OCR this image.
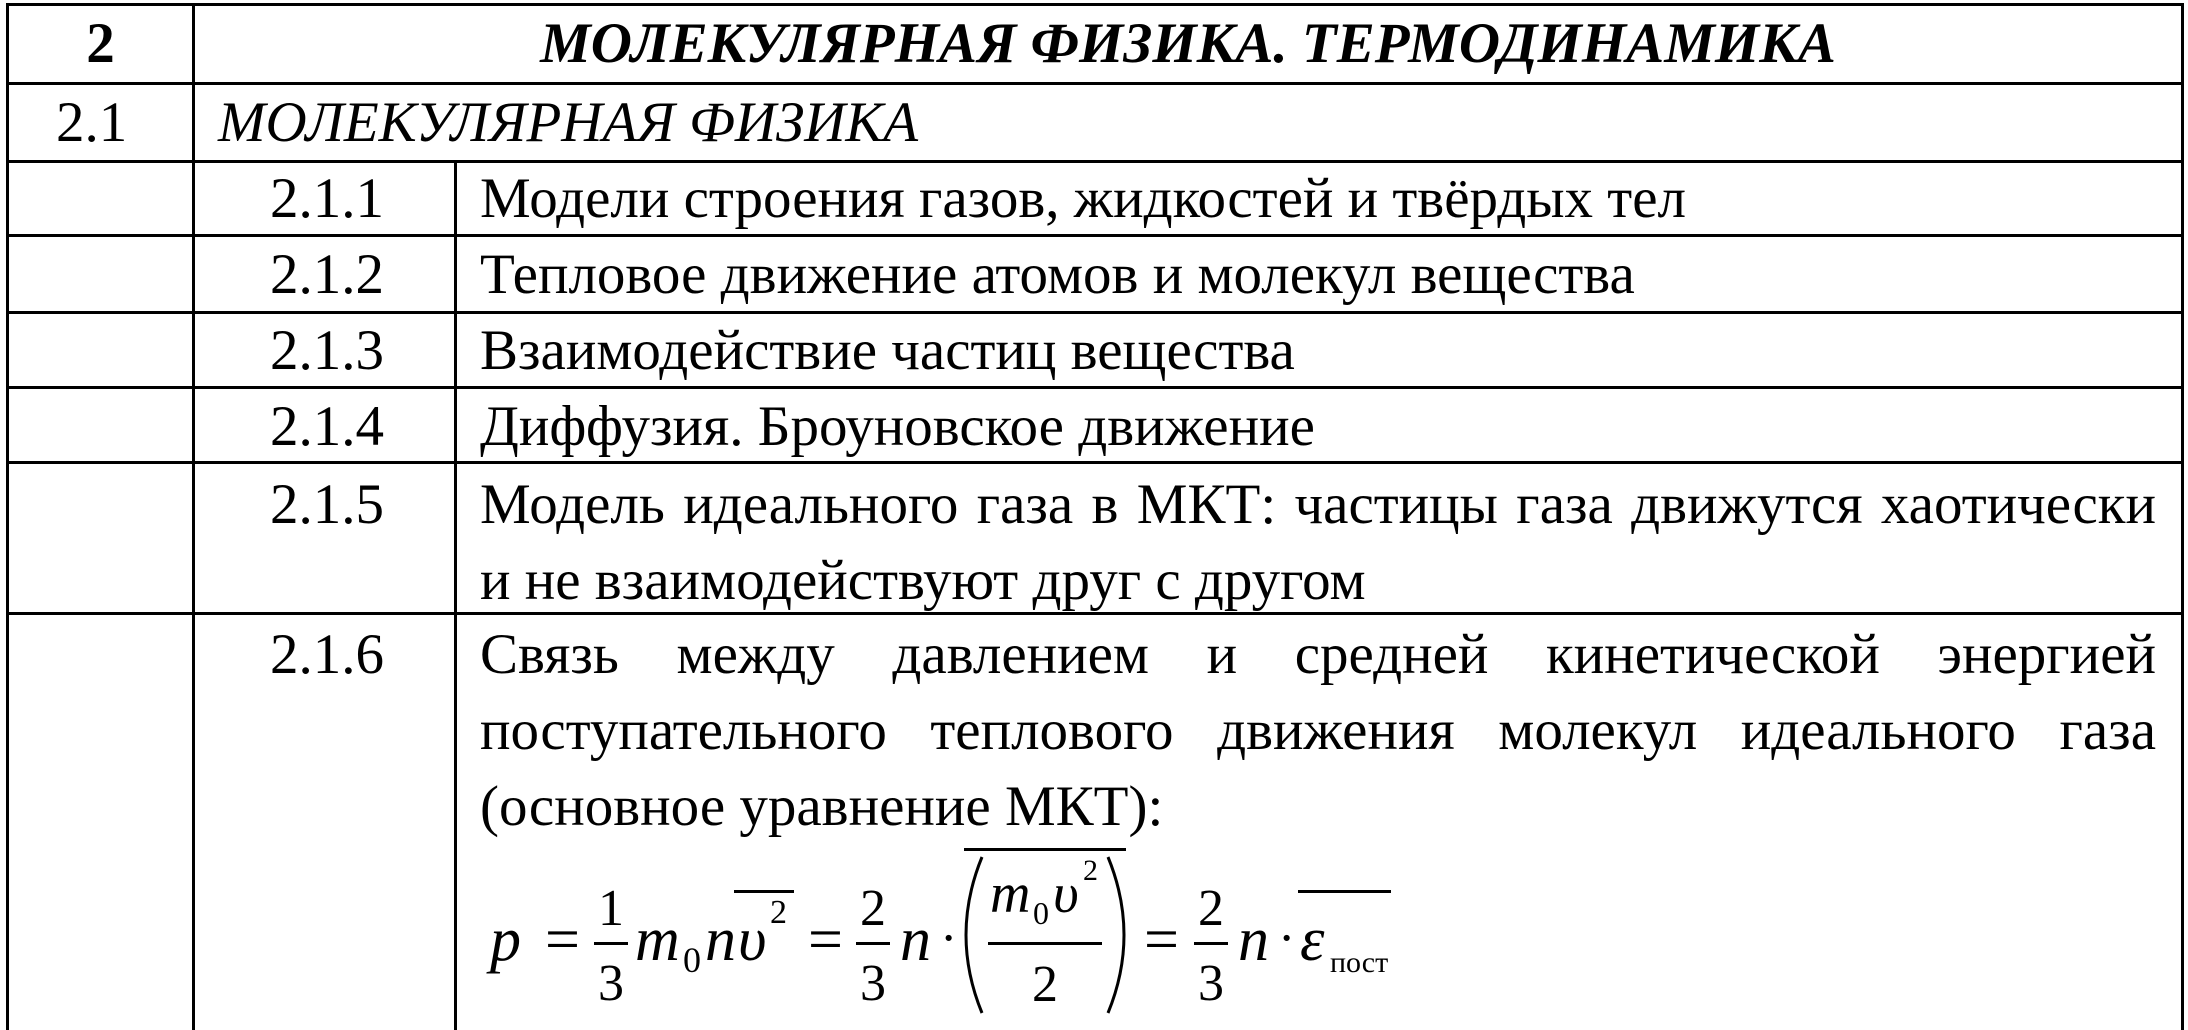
2	МОЛЕКУЛЯРНАЯ ФИЗИКА. ТЕРМОДИНАМИКА
2.1 МОЛЕКУЛЯРНАЯ ФИЗИКА
2.1.1 Модели строения газов, жидкостей и твёрдых тел
2.1.2 Тепловое движение атомов и молекул вещества
2.1.3 Взаимодействие частиц вещества
2.1.4 Диффузия. Броуновское движение
2.1.5 Модель идеального газа в МКТ: частицы газа движутся хаотически и не взаимодействуют друг с другом
2.1.6 Связь между давлением и средней кинетической энергией поступательного теплового движения молекул идеального газа (основное уравнение МКТ):
p = 1
3
m 0 n υ 2 = 2
3
n ·
m 0 υ 2
2
= 2
3
n · ε пост
